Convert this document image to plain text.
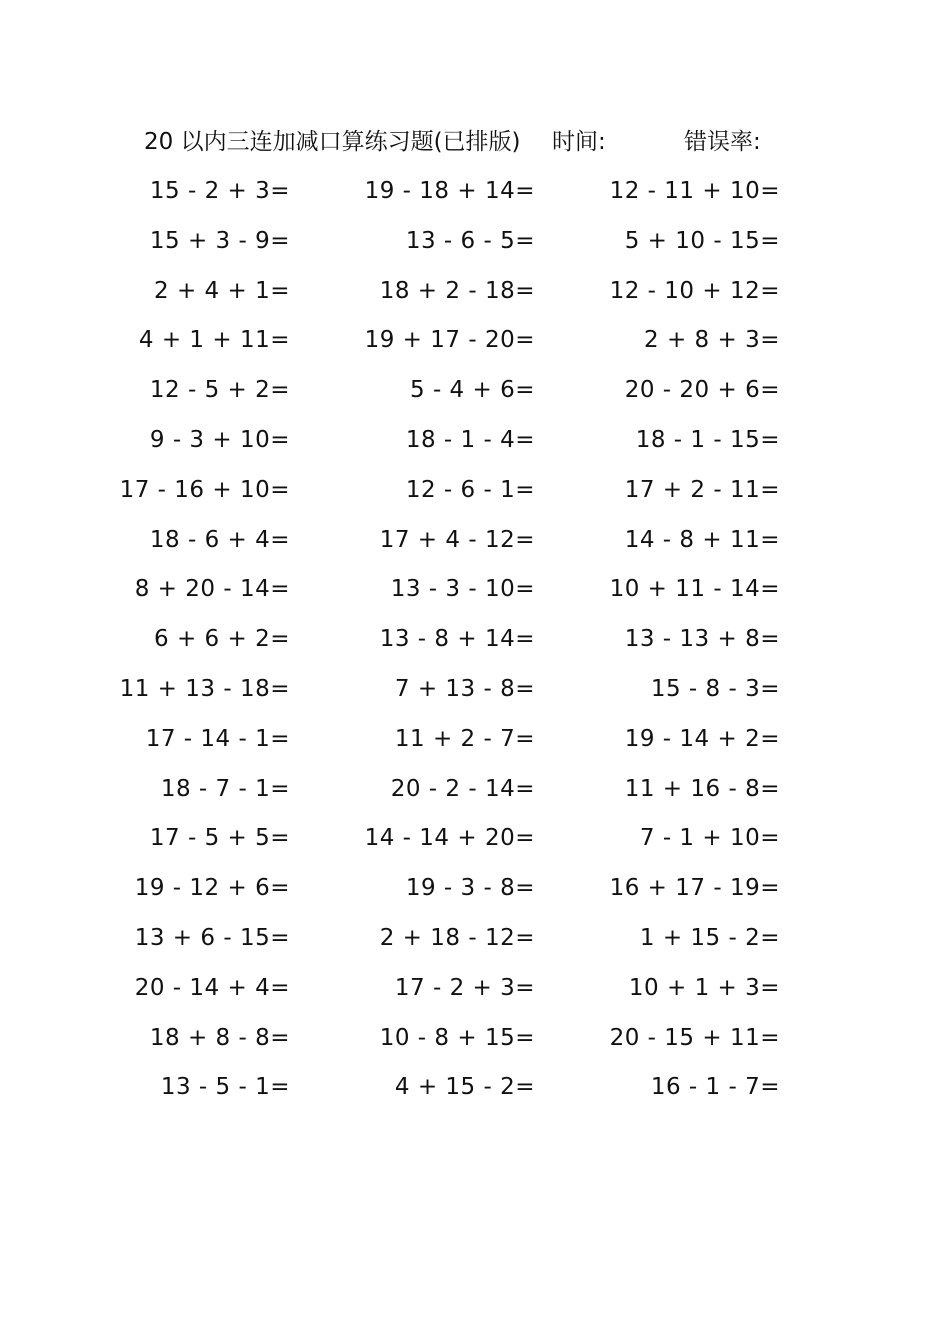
20 以内三连加减口算练习题(已排版) 时间:	错误率:
15 - 2 + 3=	19 - 18 + 14=	12 - 11 + 10=
15 + 3 - 9=	13 - 6 - 5=	5 + 10 - 15=
2 + 4 + 1=	18 + 2 - 18=	12 - 10 + 12=
4 + 1 + 11=	19 + 17 - 20=	2 + 8 + 3=
12 - 5 + 2=	5 - 4 + 6=	20 - 20 + 6=
9 - 3 + 10=	18 - 1 - 4=	18 - 1 - 15=
17 - 16 + 10=	12 - 6 - 1=	17 + 2 - 11=
18 - 6 + 4=	17 + 4 - 12=	14 - 8 + 11=
8 + 20 - 14=	13 - 3 - 10=	10 + 11 - 14=
6 + 6 + 2=	13 - 8 + 14=	13 - 13 + 8=
11 + 13 - 18=	7 + 13 - 8=	15 - 8 - 3=
17 - 14 - 1=	11 + 2 - 7=	19 - 14 + 2=
18 - 7 - 1=	20 - 2 - 14=	11 + 16 - 8=
17 - 5 + 5=	14 - 14 + 20=	7 - 1 + 10=
19 - 12 + 6=	19 - 3 - 8=	16 + 17 - 19=
13 + 6 - 15=	2 + 18 - 12=	1 + 15 - 2=
20 - 14 + 4=	17 - 2 + 3=	10 + 1 + 3=
18 + 8 - 8=	10 - 8 + 15=	20 - 15 + 11=
13 - 5 - 1=	4 + 15 - 2=	16 - 1 - 7=
